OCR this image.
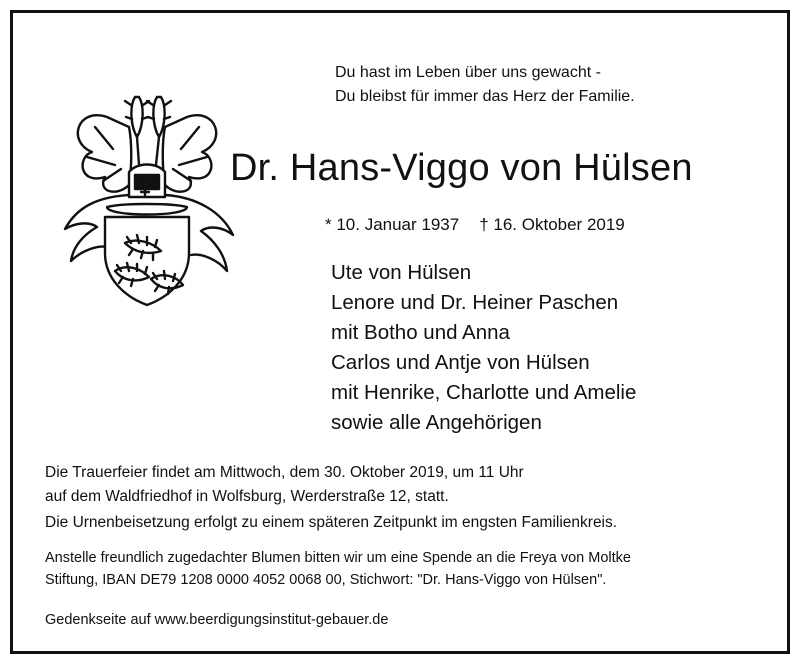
Du hast im Leben über uns gewacht -
Du bleibst für immer das Herz der Familie.
Dr. Hans-Viggo von Hülsen
* 10. Januar 1937 † 16. Oktober 2019
Ute von Hülsen
Lenore und Dr. Heiner Paschen
mit Botho und Anna
Carlos und Antje von Hülsen
mit Henrike, Charlotte und Amelie
sowie alle Angehörigen
Die Trauerfeier findet am Mittwoch, dem 30. Oktober 2019, um 11 Uhr
auf dem Waldfriedhof in Wolfsburg, Werderstraße 12, statt.
Die Urnenbeisetzung erfolgt zu einem späteren Zeitpunkt im engsten Familienkreis.
Anstelle freundlich zugedachter Blumen bitten wir um eine Spende an die Freya von Moltke
Stiftung, IBAN DE79 1208 0000 4052 0068 00, Stichwort: "Dr. Hans-Viggo von Hülsen".
Gedenkseite auf www.beerdigungsinstitut-gebauer.de
